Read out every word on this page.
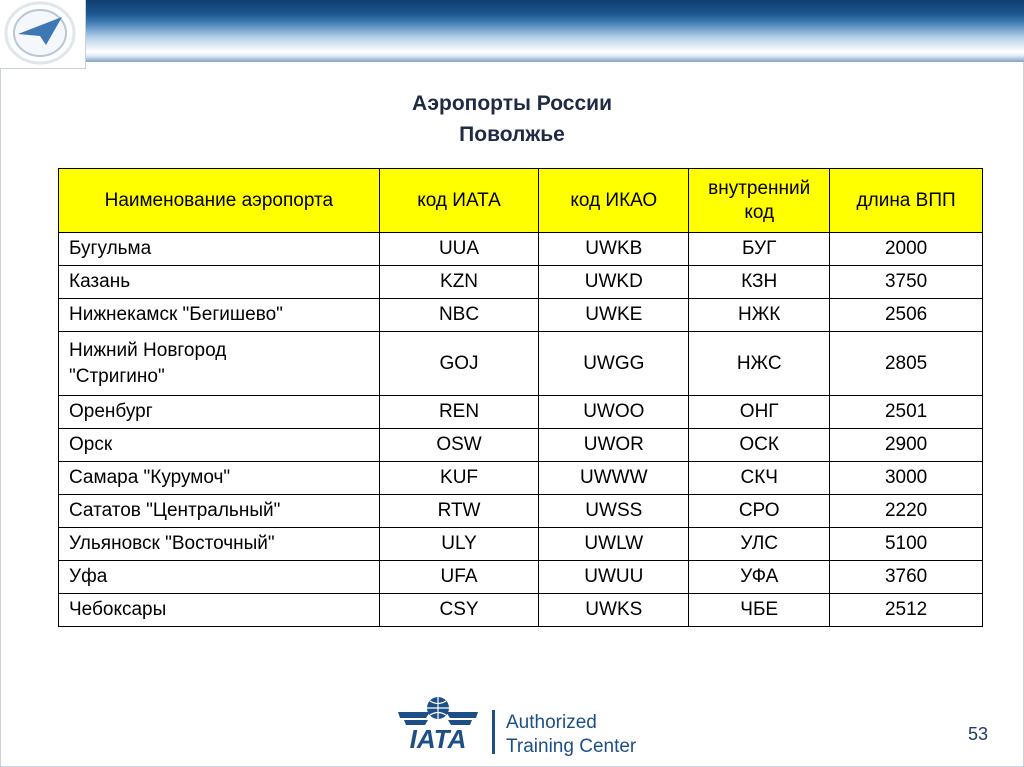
Аэропорты России
Поволжье
Наименование аэропорта	код ИАТА	код ИКАО	внутренний код	длина ВПП
Бугульма	UUA	UWKB	БУГ	2000
Казань	KZN	UWKD	КЗН	3750
Нижнекамск "Бегишево"	NBC	UWKE	НЖК	2506
Нижний Новгород "Стригино"	GOJ	UWGG	НЖС	2805
Оренбург	REN	UWOO	ОНГ	2501
Орск	OSW	UWOR	ОСК	2900
Самара "Курумоч"	KUF	UWWW	СКЧ	3000
Сататов "Центральный"	RTW	UWSS	СРО	2220
Ульяновск "Восточный"	ULY	UWLW	УЛС	5100
Уфа	UFA	UWUU	УФА	3760
Чебоксары	CSY	UWKS	ЧБЕ	2512
IATA
Authorized
Training Center
53
